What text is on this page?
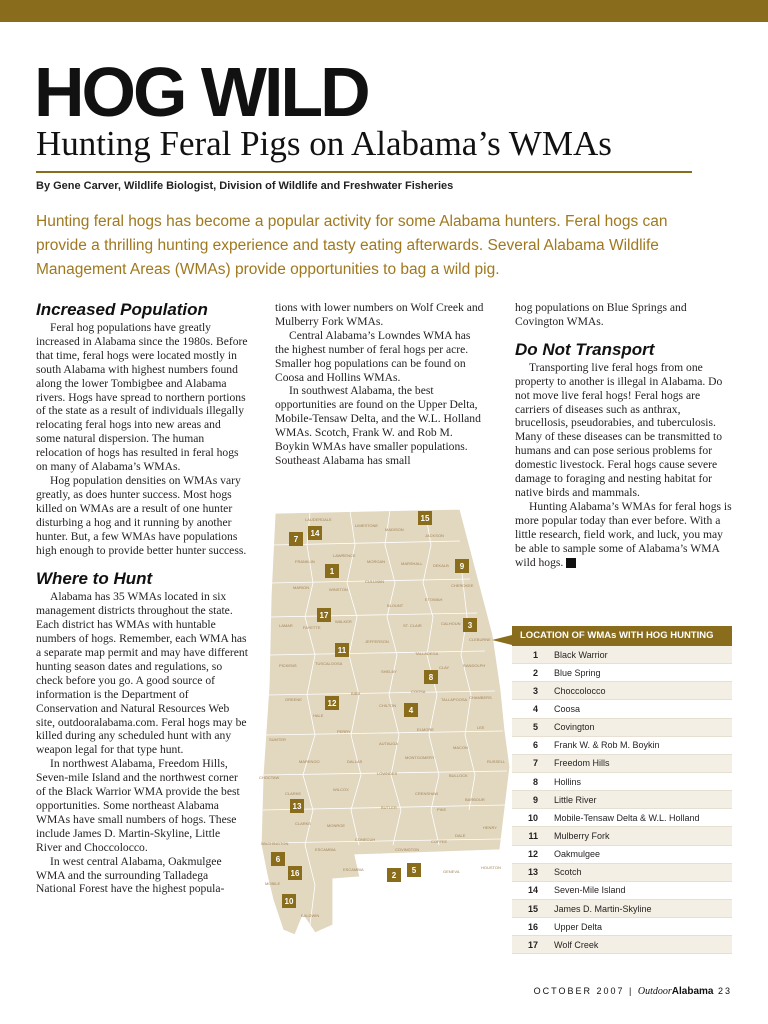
HOG WILD
Hunting Feral Pigs on Alabama’s WMAs
By Gene Carver, Wildlife Biologist, Division of Wildlife and Freshwater Fisheries
Hunting feral hogs has become a popular activity for some Alabama hunters. Feral hogs can provide a thrilling hunting experience and tasty eating afterwards. Several Alabama Wildlife Management Areas (WMAs) provide opportunities to bag a wild pig.
Increased Population

Feral hog populations have greatly increased in Alabama since the 1980s. Before that time, feral hogs were located mostly in south Alabama with highest numbers found along the lower Tombigbee and Alabama rivers. Hogs have spread to northern portions of the state as a result of individuals illegally relocating feral hogs into new areas and some natural dispersion. The human relocation of hogs has resulted in feral hogs on many of Alabama’s WMAs.

Hog population densities on WMAs vary greatly, as does hunter success. Most hogs killed on WMAs are a result of one hunter disturbing a hog and it running by another hunter. But, a few WMAs have populations high enough to provide better hunter success.

Where to Hunt

Alabama has 35 WMAs located in six management districts throughout the state. Each district has WMAs with huntable numbers of hogs. Remember, each WMA has a separate map permit and may have different hunting season dates and regulations, so check before you go. A good source of information is the Department of Conservation and Natural Resources Web site, outdooralabama.com. Feral hogs may be killed during any scheduled hunt with any weapon legal for that type hunt.

In northwest Alabama, Freedom Hills, Seven-mile Island and the northwest corner of the Black Warrior WMA provide the best opportunities. Some northeast Alabama WMAs have small numbers of hogs. These include James D. Martin-Skyline, Little River and Choccolocco.

In west central Alabama, Oakmulgee WMA and the surrounding Talladega National Forest have the highest popula-

tions with lower numbers on Wolf Creek and Mulberry Fork WMAs.

Central Alabama’s Lowndes WMA has the highest number of feral hogs per acre. Smaller hog populations can be found on Coosa and Hollins WMAs.

In southwest Alabama, the best opportunities are found on the Upper Delta, Mobile-Tensaw Delta, and the W.L. Holland WMAs. Scotch, Frank W. and Rob M. Boykin WMAs have smaller populations. Southeast Alabama has small

hog populations on Blue Springs and Covington WMAs.

Do Not Transport

Transporting live feral hogs from one property to another is illegal in Alabama. Do not move live feral hogs! Feral hogs are carriers of diseases such as anthrax, brucellosis, pseudorabies, and tuberculosis. Many of these diseases can be transmitted to humans and can pose serious problems for domestic livestock. Feral hogs cause severe damage to foraging and nesting habitat for native birds and mammals.

Hunting Alabama’s WMAs for feral hogs is more popular today than ever before. With a little research, field work, and luck, you may be able to sample some of Alabama’s WMA wild hogs. AL

LAUDERDALE
LIMESTONE
MADISON
JACKSON
FRANKLIN
LAWRENCE
MORGAN	MARSHALL	DEKALB
MARION	WINSTON
CULLMAN
CHEROKEE
ETOWAH
BLOUNT
LAMAR	FAYETTE
WALKER
ST. CLAIR	CALHOUN
JEFFERSON	CLEBURNE
PICKENS	TUSCALOOSA
TALLADEGA
CLAY	RANDOLPH
SHELBY
BIBB
GREENE
HALE
CHILTON
COOSA
TALLAPOOSA CHAMBERS
SUMTER
PERRY	ELMORE
MACON
LEE
AUTAUGA
MARENGO	DALLAS
MONTGOMERY
RUSSELL
LOWNDES	BULLOCK
CHOCTAW
WILCOX
CLARKE	CRENSHAW
BARBOUR
BUTLER	PIKE
CLARKE	MONROE	HENRY
DALE
CONECUH	COFFEE
WASHINGTON
COVINGTON
ESCAMBIA
GENEVA
HOUSTON
ESCAMBIA
MOBILE
BALDWIN
15
14
7
9
1
17
3
11
8
12
4
13
6
16	5
2
10
LOCATION OF WMAs WITH HOG HUNTING
1	Black Warrior
2	Blue Spring
3	Choccolocco
4	Coosa
5	Covington
6	Frank W. & Rob M. Boykin
7	Freedom Hills
8	Hollins
9	Little River
10	Mobile-Tensaw Delta & W.L. Holland
11	Mulberry Fork
12	Oakmulgee
13	Scotch
14	Seven-Mile Island
15	James D. Martin-Skyline
16	Upper Delta
17	Wolf Creek
OCTOBER 2007 | OutdoorAlabama 23
